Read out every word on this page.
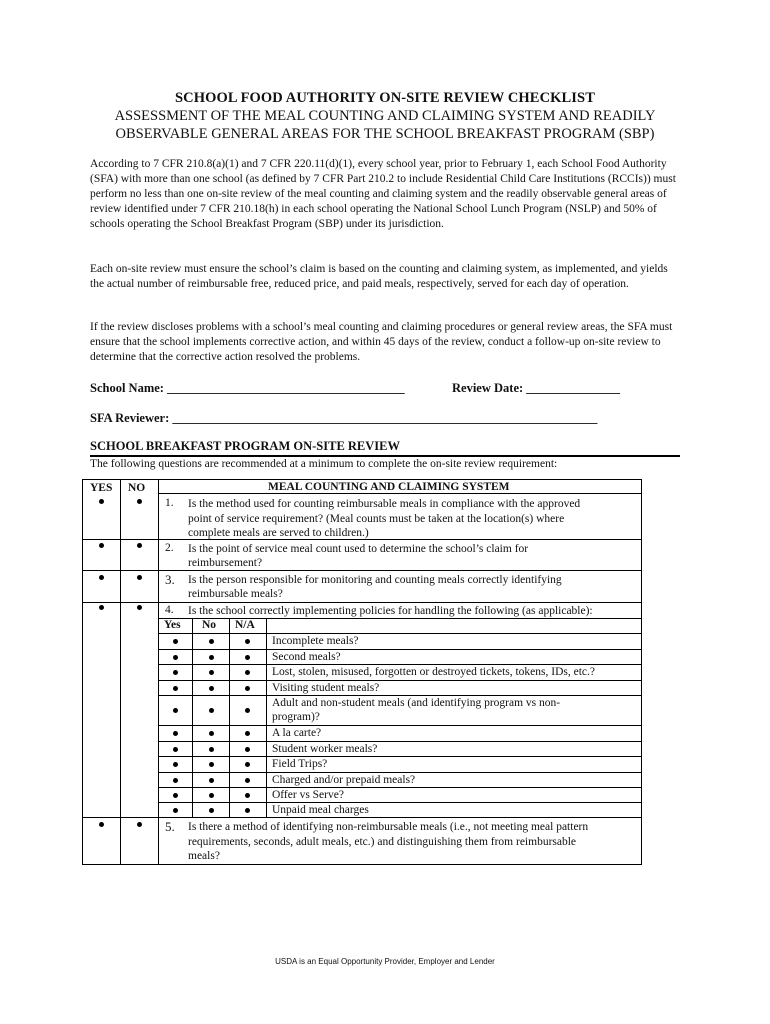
SCHOOL FOOD AUTHORITY ON-SITE REVIEW CHECKLIST
ASSESSMENT OF THE MEAL COUNTING AND CLAIMING SYSTEM AND READILY
OBSERVABLE GENERAL AREAS FOR THE SCHOOL BREAKFAST PROGRAM (SBP)
According to 7 CFR 210.8(a)(1) and 7 CFR 220.11(d)(1), every school year, prior to February 1, each School Food Authority (SFA) with more than one school (as defined by 7 CFR Part 210.2 to include Residential Child Care Institutions (RCCIs)) must perform no less than one on-site review of the meal counting and claiming system and the readily observable general areas of review identified under 7 CFR 210.18(h) in each school operating the National School Lunch Program (NSLP) and 50% of schools operating the School Breakfast Program (SBP) under its jurisdiction.
Each on-site review must ensure the school’s claim is based on the counting and claiming system, as implemented, and yields the actual number of reimbursable free, reduced price, and paid meals, respectively, served for each day of operation.
If the review discloses problems with a school’s meal counting and claiming procedures or general review areas, the SFA must ensure that the school implements corrective action, and within 45 days of the review, conduct a follow-up on-site review to determine that the corrective action resolved the problems.
School Name: ______________________________________	Review Date: _______________
SFA Reviewer: ____________________________________________________________________
SCHOOL BREAKFAST PROGRAM ON-SITE REVIEW
The following questions are recommended at a minimum to complete the on-site review requirement:
YES NO	MEAL COUNTING AND CLAIMING SYSTEM
1. Is the method used for counting reimbursable meals in compliance with the approved
point of service requirement? (Meal counts must be taken at the location(s) where
complete meals are served to children.)
2. Is the point of service meal count used to determine the school’s claim for
reimbursement?
3. Is the person responsible for monitoring and counting meals correctly identifying
reimbursable meals?
4. Is the school correctly implementing policies for handling the following (as applicable):
Yes No N/A
Incomplete meals?
Second meals?
Lost, stolen, misused, forgotten or destroyed tickets, tokens, IDs, etc.?
Visiting student meals?
Adult and non-student meals (and identifying program vs non-
program)?
A la carte?
Student worker meals?
Field Trips?
Charged and/or prepaid meals?
Offer vs Serve?
Unpaid meal charges
5. Is there a method of identifying non-reimbursable meals (i.e., not meeting meal pattern
requirements, seconds, adult meals, etc.) and distinguishing them from reimbursable
meals?
USDA is an Equal Opportunity Provider, Employer and Lender
